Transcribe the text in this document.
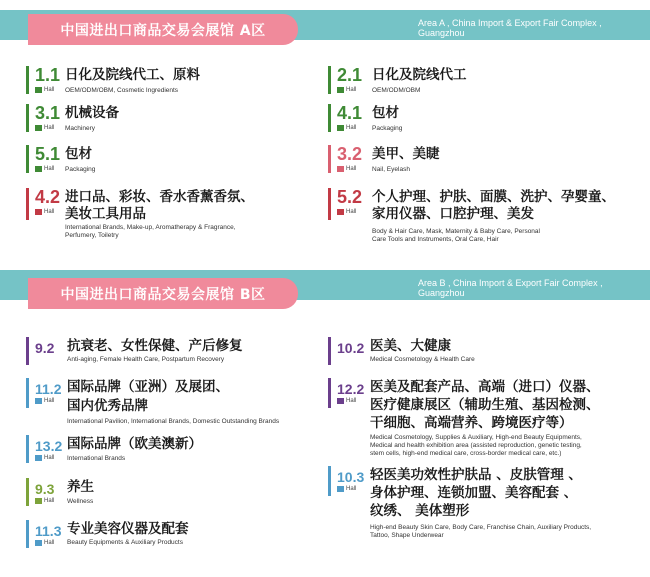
中国进出口商品交易会展馆 A区	Area A , China Import & Export Fair Complex , Guangzhou
1.1
Hall
日化及院线代工、原料
OEM/ODM/OBM, Cosmetic Ingredients
3.1
Hall
机械设备
Machinery
5.1
Hall
包材
Packaging
4.2
Hall
进口品、彩妆、香水香薰香氛、
美妆工具用品
International Brands, Make-up, Aromatherapy & Fragrance,
Perfumery, Toiletry
2.1
Hall
日化及院线代工
OEM/ODM/OBM
4.1
Hall
包材
Packaging
3.2
Hall
美甲、美睫
Nail, Eyelash
5.2
Hall
个人护理、护肤、面膜、洗护、孕婴童、
家用仪器、口腔护理、美发
Body & Hair Care, Mask, Maternity & Baby Care, Personal
Care Tools and Instruments, Oral Care, Hair
中国进出口商品交易会展馆 B区
Area B , China Import & Export Fair Complex , Guangzhou
9.2 抗衰老、女性保健、产后修复
Anti-aging, Female Health Care, Postpartum Recovery
11.2
Hall
国际品牌（亚洲）及展团、
国内优秀品牌
International Pavilion, International Brands, Domestic Outstanding Brands
13.2
Hall
国际品牌（欧美澳新）
International Brands
9.3
Hall
养生
Wellness
11.3
Hall
专业美容仪器及配套
Beauty Equipments & Auxiliary Products
10.2 医美、大健康
Medical Cosmetology & Health Care
12.2
Hall
医美及配套产品、高端（进口）仪器、
医疗健康展区（辅助生殖、基因检测、
干细胞、高端营养、跨境医疗等）
Medical Cosmetology, Supplies & Auxiliary, High-end Beauty Equipments,
Medical and health exhibition area (assisted reproduction, genetic testing,
stem cells, high-end medical care, cross-border medical care, etc.)
10.3
Hall
轻医美功效性护肤品 、皮肤管理 、
身体护理、连锁加盟、美容配套 、
纹绣、 美体塑形
High-end Beauty Skin Care, Body Care, Franchise Chain, Auxiliary Products,
Tattoo, Shape Underwear
